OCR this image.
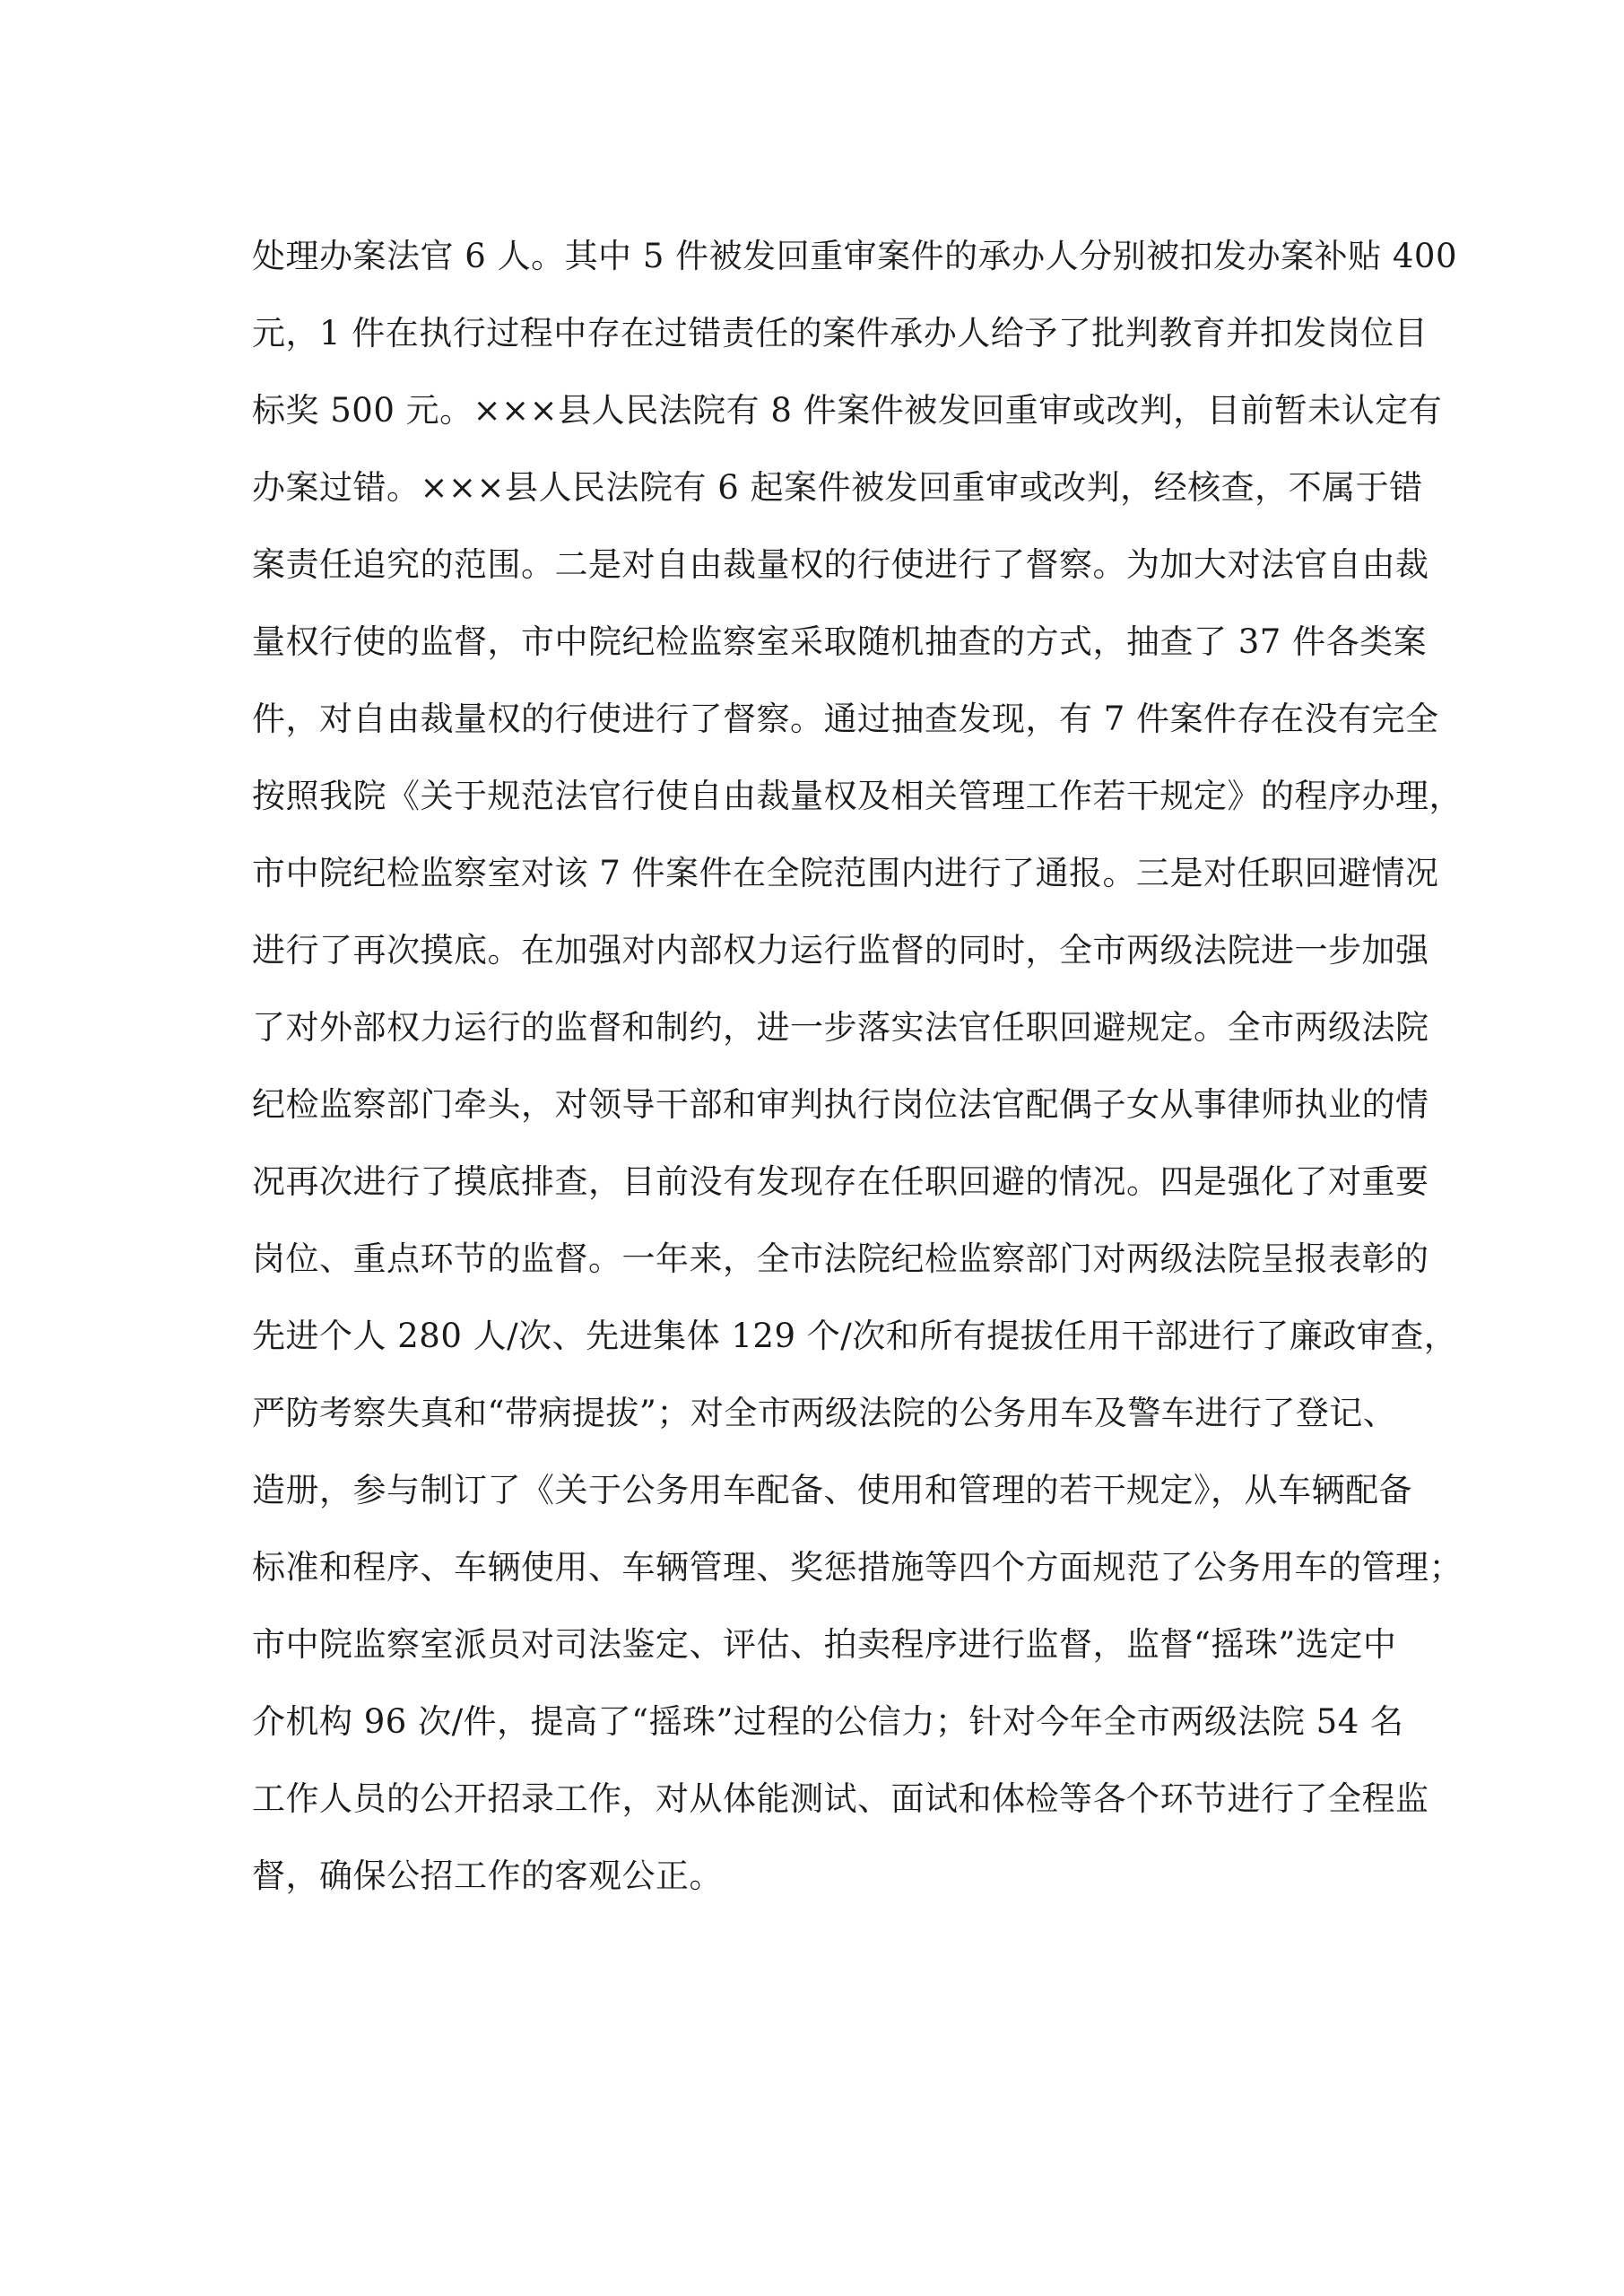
处理办案法官 6 人。其中 5 件被发回重审案件的承办人分别被扣发办案补贴 400
元，1 件在执行过程中存在过错责任的案件承办人给予了批判教育并扣发岗位目
标奖 500 元。×××县人民法院有 8 件案件被发回重审或改判，目前暂未认定有
办案过错。×××县人民法院有 6 起案件被发回重审或改判，经核查，不属于错
案责任追究的范围。二是对自由裁量权的行使进行了督察。为加大对法官自由裁
量权行使的监督，市中院纪检监察室采取随机抽查的方式，抽查了 37 件各类案
件，对自由裁量权的行使进行了督察。通过抽查发现，有 7 件案件存在没有完全
按照我院《关于规范法官行使自由裁量权及相关管理工作若干规定》的程序办理，
市中院纪检监察室对该 7 件案件在全院范围内进行了通报。三是对任职回避情况
进行了再次摸底。在加强对内部权力运行监督的同时，全市两级法院进一步加强
了对外部权力运行的监督和制约，进一步落实法官任职回避规定。全市两级法院
纪检监察部门牵头，对领导干部和审判执行岗位法官配偶子女从事律师执业的情
况再次进行了摸底排查，目前没有发现存在任职回避的情况。四是强化了对重要
岗位、重点环节的监督。一年来，全市法院纪检监察部门对两级法院呈报表彰的
先进个人 280 人/次、先进集体 129 个/次和所有提拔任用干部进行了廉政审查，
严防考察失真和“带病提拔”；对全市两级法院的公务用车及警车进行了登记、
造册，参与制订了《关于公务用车配备、使用和管理的若干规定》，从车辆配备
标准和程序、车辆使用、车辆管理、奖惩措施等四个方面规范了公务用车的管理；
市中院监察室派员对司法鉴定、评估、拍卖程序进行监督，监督“摇珠”选定中
介机构 96 次/件，提高了“摇珠”过程的公信力；针对今年全市两级法院 54 名
工作人员的公开招录工作，对从体能测试、面试和体检等各个环节进行了全程监
督，确保公招工作的客观公正。
